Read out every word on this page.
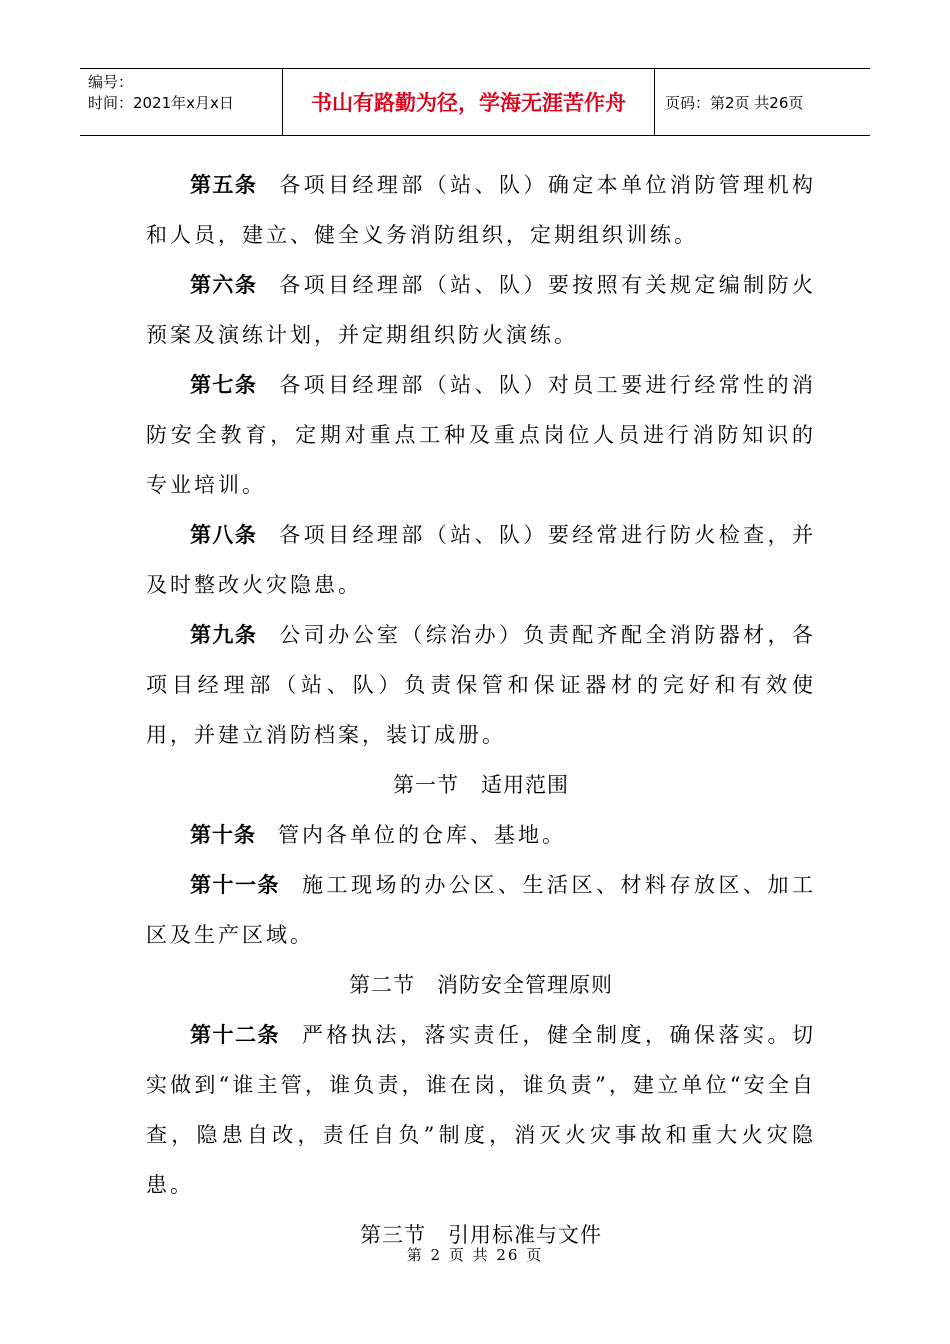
编号：
时间：2021年x月x日	书山有路勤为径，学海无涯苦作舟	页码：第2页 共26页

第五条 各项目经理部（站、队）确定本单位消防管理机构和人员，建立、健全义务消防组织，定期组织训练。

第六条 各项目经理部（站、队）要按照有关规定编制防火预案及演练计划，并定期组织防火演练。

第七条 各项目经理部（站、队）对员工要进行经常性的消防安全教育，定期对重点工种及重点岗位人员进行消防知识的专业培训。

第八条 各项目经理部（站、队）要经常进行防火检查，并及时整改火灾隐患。

第九条 公司办公室（综治办）负责配齐配全消防器材，各项目经理部（站、队）负责保管和保证器材的完好和有效使用，并建立消防档案，装订成册。

第一节 适用范围

第十条 管内各单位的仓库、基地。

第十一条 施工现场的办公区、生活区、材料存放区、加工区及生产区域。

第二节 消防安全管理原则

第十二条 严格执法，落实责任，健全制度，确保落实。切实做到“谁主管，谁负责，谁在岗，谁负责”，建立单位“安全自查，隐患自改，责任自负”制度，消灭火灾事故和重大火灾隐患。

第三节 引用标准与文件

第 2 页 共 26 页
